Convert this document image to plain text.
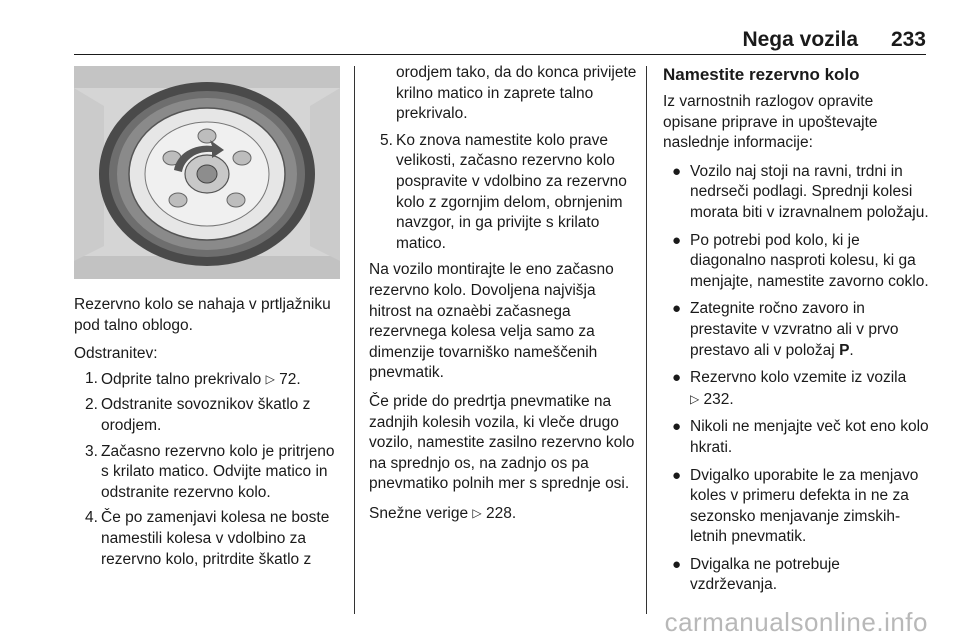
Nega vozila 233

Rezervno kolo se nahaja v prtljažniku pod talno oblogo.

Odstranitev:

1. Odprite talno prekrivalo ▷ 72.
2. Odstranite sovoznikov škatlo z orodjem.
3. Začasno rezervno kolo je pritrjeno s krilato matico. Odvijte matico in odstranite rezervno kolo.
4. Če po zamenjavi kolesa ne boste namestili kolesa v vdolbino za rezervno kolo, pritrdite škatlo z
orodjem tako, da do konca privijete krilno matico in zaprete talno prekrivalo.
5. Ko znova namestite kolo prave velikosti, začasno rezervno kolo pospravite v vdolbino za rezervno kolo z zgornjim delom, obrnjenim navzgor, in ga privijte s krilato matico.

Na vozilo montirajte le eno začasno rezervno kolo. Dovoljena najvišja hitrost na oznaèbi začasnega rezervnega kolesa velja samo za dimenzije tovarniško nameščenih pnevmatik.

Če pride do predrtja pnevmatike na zadnjih kolesih vozila, ki vleče drugo vozilo, namestite zasilno rezervno kolo na sprednjo os, na zadnjo os pa pnevmatiko polnih mer s sprednje osi.

Snežne verige ▷ 228.

Namestite rezervno kolo

Iz varnostnih razlogov opravite opisane priprave in upoštevajte naslednje informacije:

● Vozilo naj stoji na ravni, trdni in nedrseči podlagi. Sprednji kolesi morata biti v izravnalnem položaju.
● Po potrebi pod kolo, ki je diagonalno nasproti kolesu, ki ga menjajte, namestite zavorno coklo.
● Zategnite ročno zavoro in prestavite v vzvratno ali v prvo prestavo ali v položaj P.
● Rezervno kolo vzemite iz vozila
▷ 232.
● Nikoli ne menjajte več kot eno kolo hkrati.
● Dvigalko uporabite le za menjavo koles v primeru defekta in ne za sezonsko menjavanje zimskih-letnih pnevmatik.
● Dvigalka ne potrebuje vzdrževanja.
carmanualsonline.info
